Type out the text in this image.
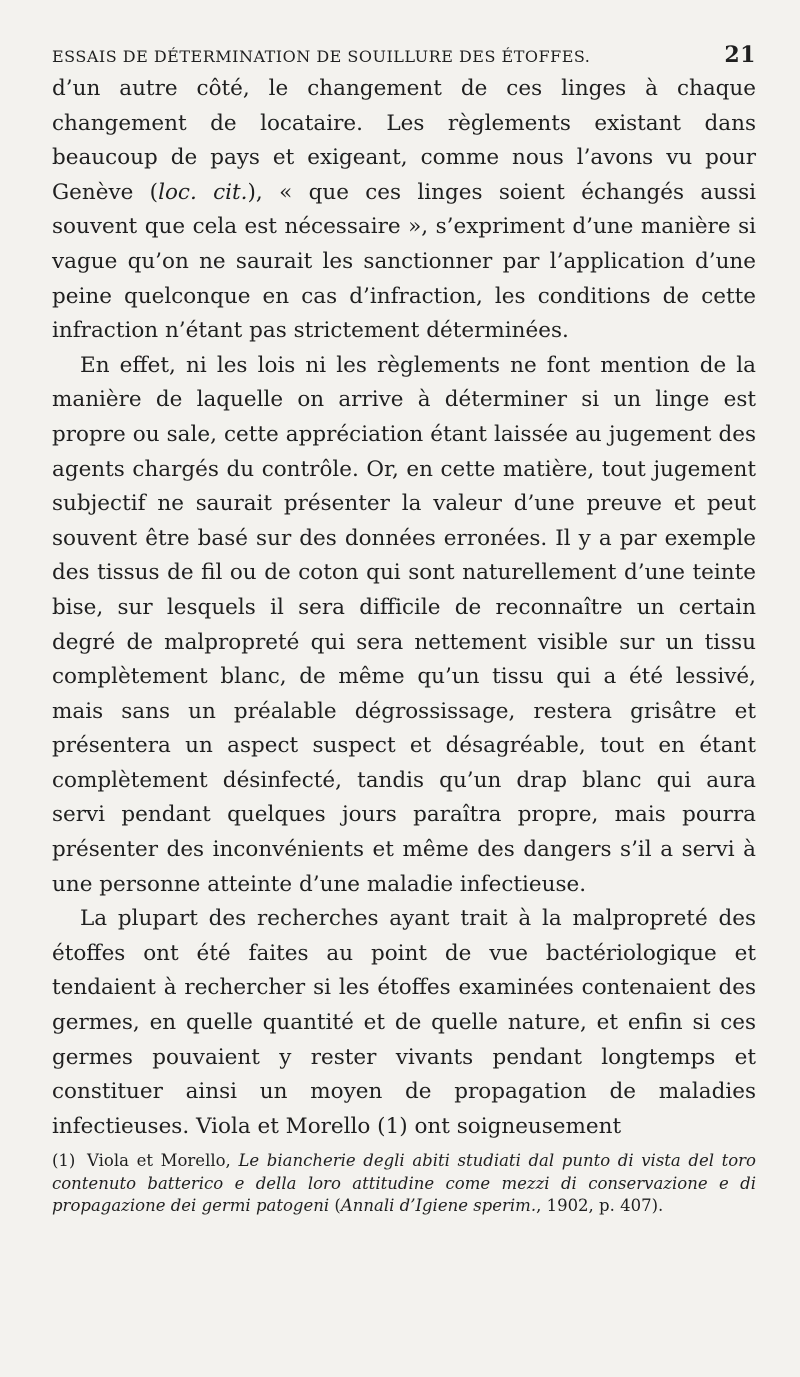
ESSAIS DE DÉTERMINATION DE SOUILLURE DES ÉTOFFES.	21

d’un autre côté, le changement de ces linges à chaque changement de locataire. Les règlements existant dans beaucoup de pays et exigeant, comme nous l’avons vu pour Genève (loc. cit.), « que ces linges soient échangés aussi souvent que cela est nécessaire », s’expriment d’une manière si vague qu’on ne saurait les sanctionner par l’application d’une peine quelconque en cas d’infraction, les conditions de cette infraction n’étant pas strictement déterminées.

En effet, ni les lois ni les règlements ne font mention de la manière de laquelle on arrive à déterminer si un linge est propre ou sale, cette appréciation étant laissée au jugement des agents chargés du contrôle. Or, en cette matière, tout jugement subjectif ne saurait présenter la valeur d’une preuve et peut souvent être basé sur des données erronées. Il y a par exemple des tissus de fil ou de coton qui sont naturellement d’une teinte bise, sur lesquels il sera difficile de reconnaître un certain degré de malpropreté qui sera nettement visible sur un tissu complètement blanc, de même qu’un tissu qui a été lessivé, mais sans un préalable dégrossissage, restera grisâtre et présentera un aspect suspect et désagréable, tout en étant complètement désinfecté, tandis qu’un drap blanc qui aura servi pendant quelques jours paraîtra propre, mais pourra présenter des inconvénients et même des dangers s’il a servi à une personne atteinte d’une maladie infectieuse.

La plupart des recherches ayant trait à la malpropreté des étoffes ont été faites au point de vue bactériologique et tendaient à rechercher si les étoffes examinées contenaient des germes, en quelle quantité et de quelle nature, et enfin si ces germes pouvaient y rester vivants pendant longtemps et constituer ainsi un moyen de propagation de maladies infectieuses. Viola et Morello (1) ont soigneusement

(1) Viola et Morello, Le biancherie degli abiti studiati dal punto di vista del toro contenuto batterico e della loro attitudine come mezzi di conservazione e di propagazione dei germi patogeni (Annali d’Igiene sperim., 1902, p. 407).
